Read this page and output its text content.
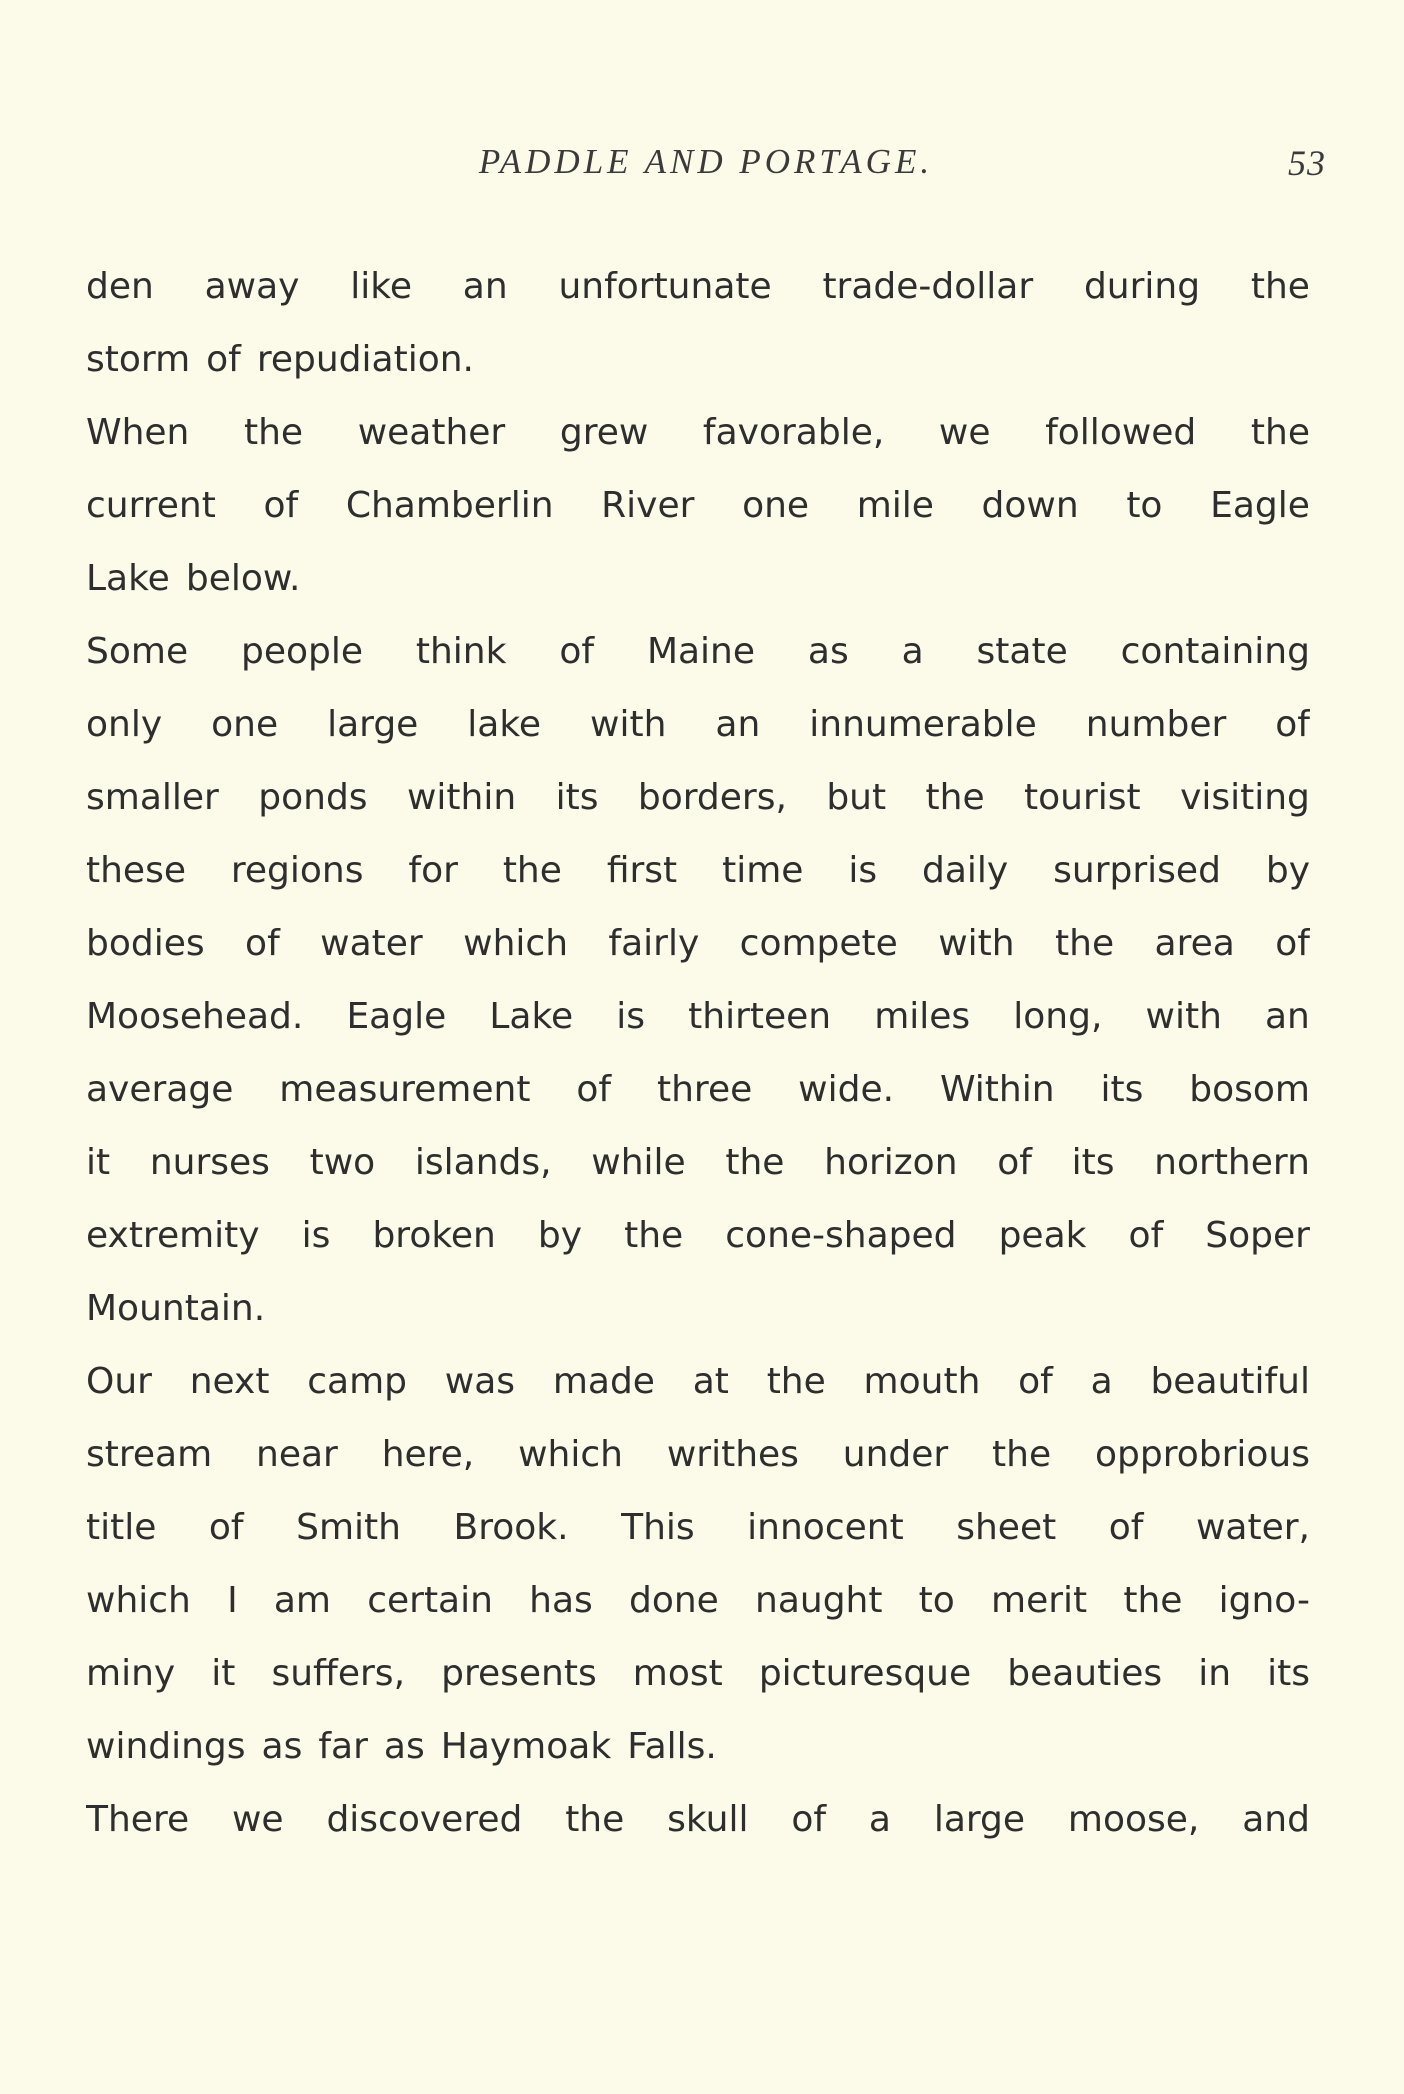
PADDLE AND PORTAGE.	53
den away like an unfortunate trade-dollar during the
storm of repudiation.
When the weather grew favorable, we followed the
current of Chamberlin River one mile down to Eagle
Lake below.
Some people think of Maine as a state containing
only one large lake with an innumerable number of
smaller ponds within its borders, but the tourist visiting
these regions for the first time is daily surprised by
bodies of water which fairly compete with the area of
Moosehead. Eagle Lake is thirteen miles long, with an
average measurement of three wide. Within its bosom
it nurses two islands, while the horizon of its northern
extremity is broken by the cone-shaped peak of Soper
Mountain.
Our next camp was made at the mouth of a beautiful
stream near here, which writhes under the opprobrious
title of Smith Brook. This innocent sheet of water,
which I am certain has done naught to merit the igno-
miny it suffers, presents most picturesque beauties in its
windings as far as Haymoak Falls.
There we discovered the skull of a large moose, and
